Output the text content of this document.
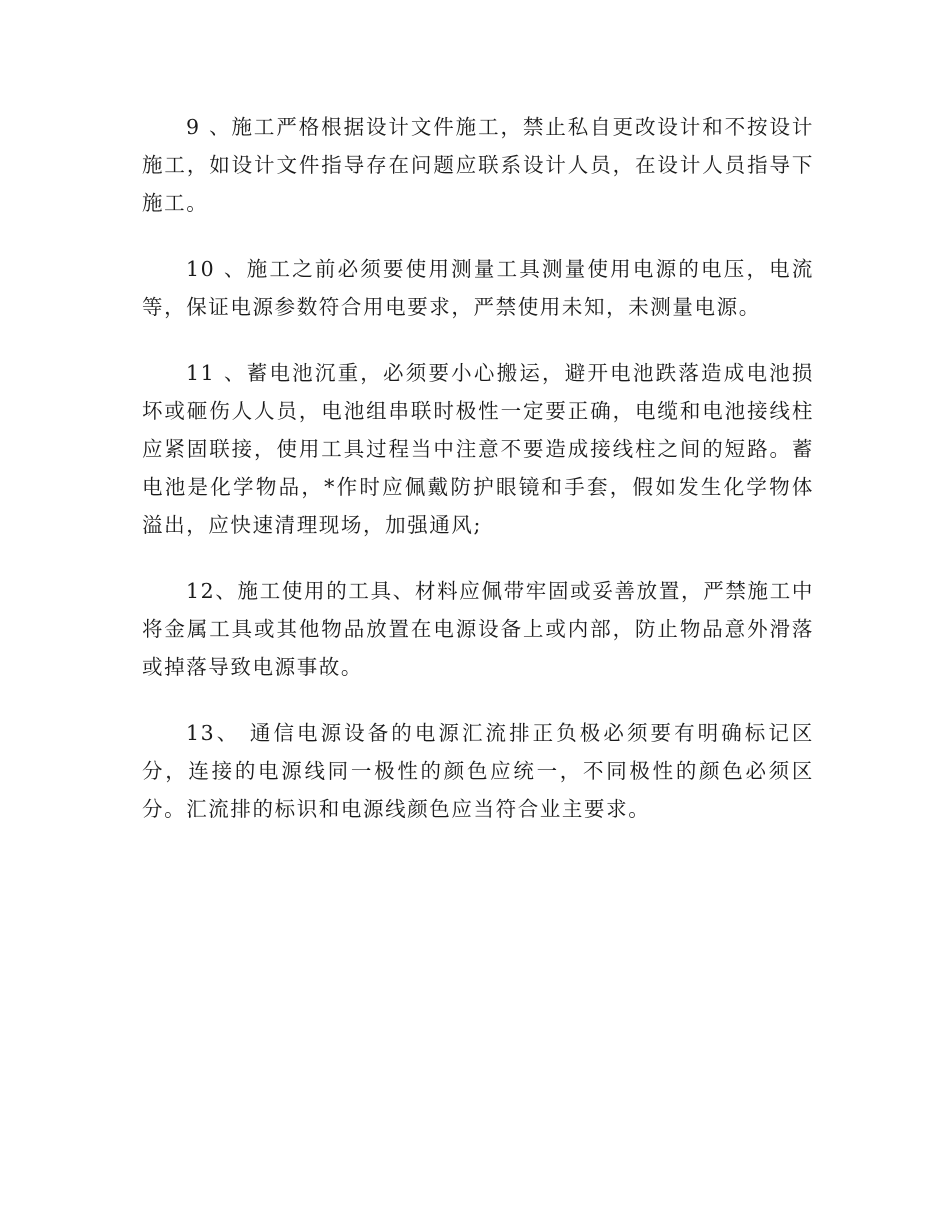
9 、施工严格根据设计文件施工，禁止私自更改设计和不按设计施工，如设计文件指导存在问题应联系设计人员，在设计人员指导下施工。

10 、施工之前必须要使用测量工具测量使用电源的电压，电流等，保证电源参数符合用电要求，严禁使用未知，未测量电源。

11 、蓄电池沉重，必须要小心搬运，避开电池跌落造成电池损坏或砸伤人人员，电池组串联时极性一定要正确，电缆和电池接线柱应紧固联接，使用工具过程当中注意不要造成接线柱之间的短路。蓄电池是化学物品，*作时应佩戴防护眼镜和手套，假如发生化学物体溢出，应快速清理现场，加强通风;

12、施工使用的工具、材料应佩带牢固或妥善放置，严禁施工中将金属工具或其他物品放置在电源设备上或内部，防止物品意外滑落或掉落导致电源事故。

13、 通信电源设备的电源汇流排正负极必须要有明确标记区分，连接的电源线同一极性的颜色应统一，不同极性的颜色必须区分。汇流排的标识和电源线颜色应当符合业主要求。
